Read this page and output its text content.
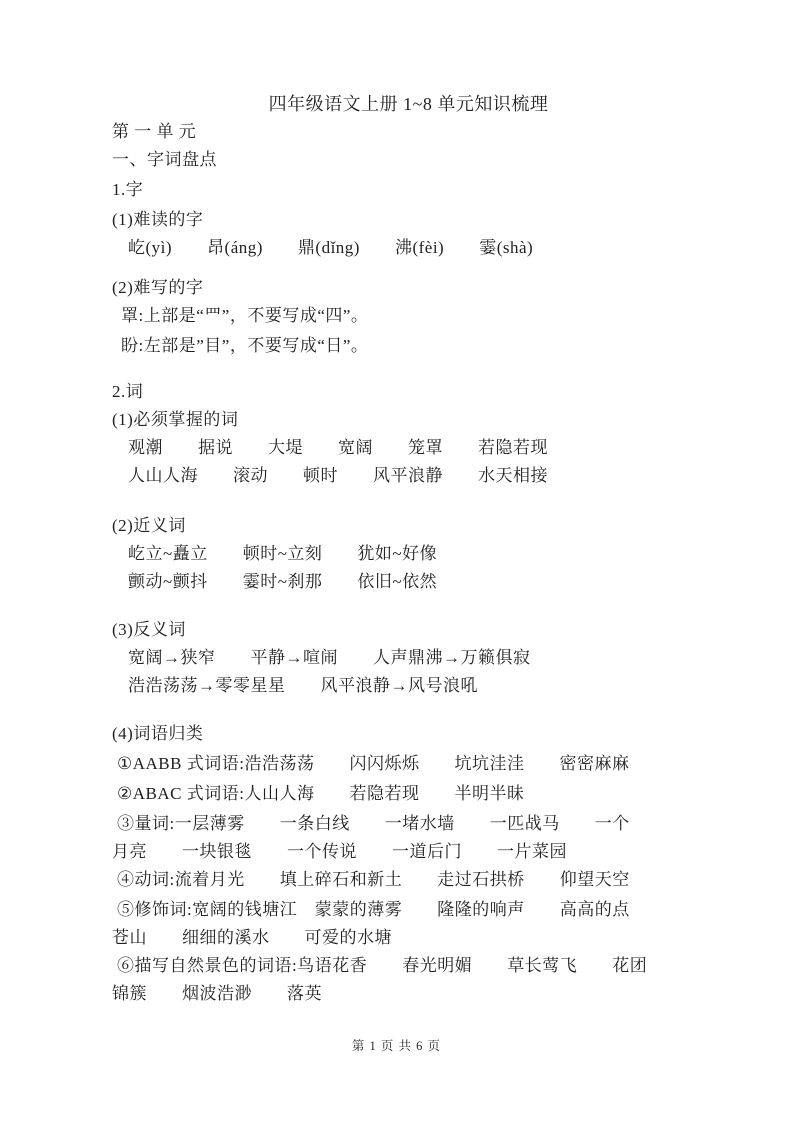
四年级语文上册 1~8 单元知识梳理
第 一 单 元
一、字词盘点
1.字
(1)难读的字
屹(yì)　　昂(áng)　　鼎(dǐng)　　沸(fèi)　　霎(shà)
(2)难写的字
罩:上部是“罒”，不要写成“四”。
盼:左部是”目”，不要写成“日”。
2.词
(1)必须掌握的词
观潮　　据说　　大堤　　宽阔　　笼罩　　若隐若现
人山人海　　滚动　　顿时　　风平浪静　　水天相接
(2)近义词
屹立~矗立　　顿时~立刻　　犹如~好像
颤动~颤抖　　霎时~刹那　　依旧~依然
(3)反义词
宽阔→狭窄　　平静→喧闹　　人声鼎沸→万籁俱寂
浩浩荡荡→零零星星　　风平浪静→风号浪吼
(4)词语归类
①AABB 式词语:浩浩荡荡　　闪闪烁烁　　坑坑洼洼　　密密麻麻
②ABAC 式词语:人山人海　　若隐若现　　半明半昧
③量词:一层薄雾　　一条白线　　一堵水墙　　一匹战马　　一个
月亮　　一块银毯　　一个传说　　一道后门　　一片菜园
④动词:流着月光　　填上碎石和新土　　走过石拱桥　　仰望天空
⑤修饰词:宽阔的钱塘江　蒙蒙的薄雾　　隆隆的响声　　高高的点
苍山　　细细的溪水　　可爱的水塘
⑥描写自然景色的词语:鸟语花香　　春光明媚　　草长莺飞　　花团
锦簇　　烟波浩渺　　落英
第 1 页 共 6 页
